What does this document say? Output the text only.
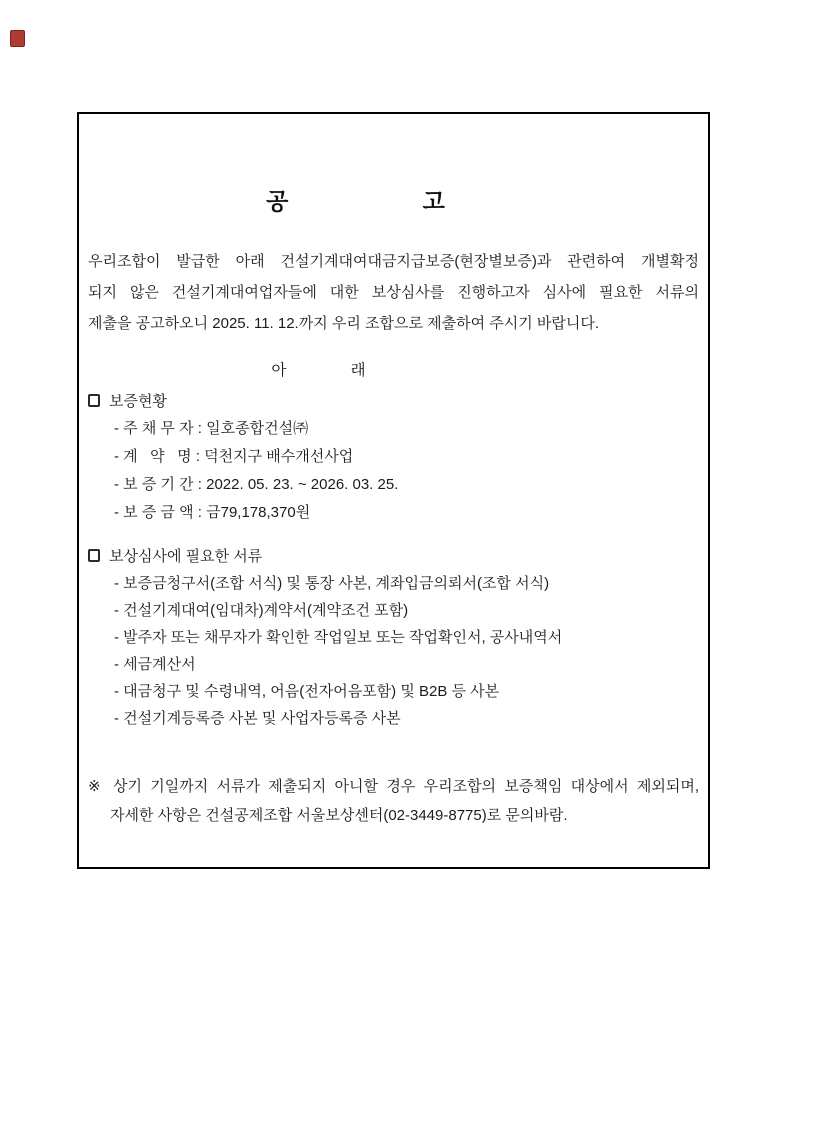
공 고

우리조합이 발급한 아래 건설기계대여대금지급보증(현장별보증)과 관련하여 개별확정

되지 않은 건설기계대여업자들에 대한 보상심사를 진행하고자 심사에 필요한 서류의

제출을 공고하오니 2025. 11. 12.까지 우리 조합으로 제출하여 주시기 바랍니다.

아 래
보증현황
- 주 채 무 자 : 일호종합건설㈜
- 계   약   명 : 덕천지구 배수개선사업
- 보 증 기 간 : 2022. 05. 23. ~ 2026. 03. 25.
- 보 증 금 액 : 금79,178,370원
보상심사에 필요한 서류
- 보증금청구서(조합 서식) 및 통장 사본, 계좌입금의뢰서(조합 서식)
- 건설기계대여(임대차)계약서(계약조건 포함)
- 발주자 또는 채무자가 확인한 작업일보 또는 작업확인서, 공사내역서
- 세금계산서
- 대금청구 및 수령내역, 어음(전자어음포함) 및 B2B 등 사본
- 건설기계등록증 사본 및 사업자등록증 사본

※ 상기 기일까지 서류가 제출되지 아니할 경우 우리조합의 보증책임 대상에서 제외되며,

자세한 사항은 건설공제조합 서울보상센터(02-3449-8775)로 문의바람.
